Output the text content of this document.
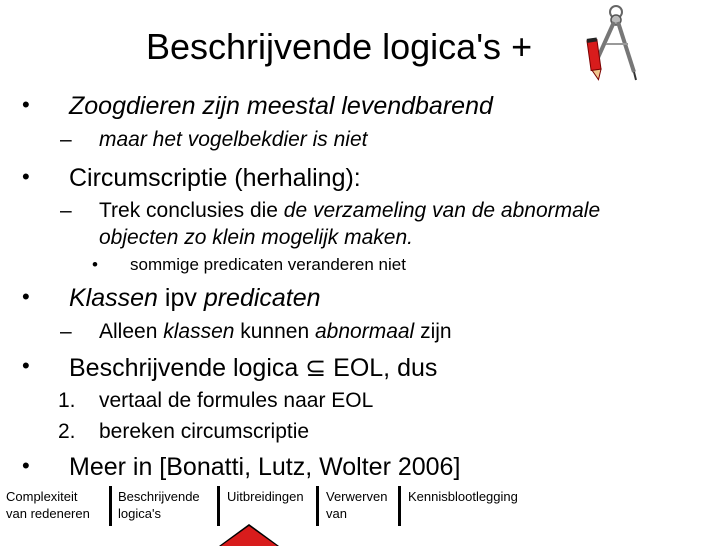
Beschrijvende logica's +
• Zoogdieren zijn meestal levendbarend
– maar het vogelbekdier is niet
• Circumscriptie (herhaling):
– Trek conclusies die de verzameling van de abnormale
objecten zo klein mogelijk maken.
• sommige predicaten veranderen niet
• Klassen ipv predicaten
– Alleen klassen kunnen abnormaal zijn
• Beschrijvende logica ⊆ EOL, dus
1. vertaal de formules naar EOL
2. bereken circumscriptie
• Meer in [Bonatti, Lutz, Wolter 2006]
Complexiteit
van redeneren
Beschrijvende
logica's
Uitbreidingen Verwerven
van
Kennisblootlegging
